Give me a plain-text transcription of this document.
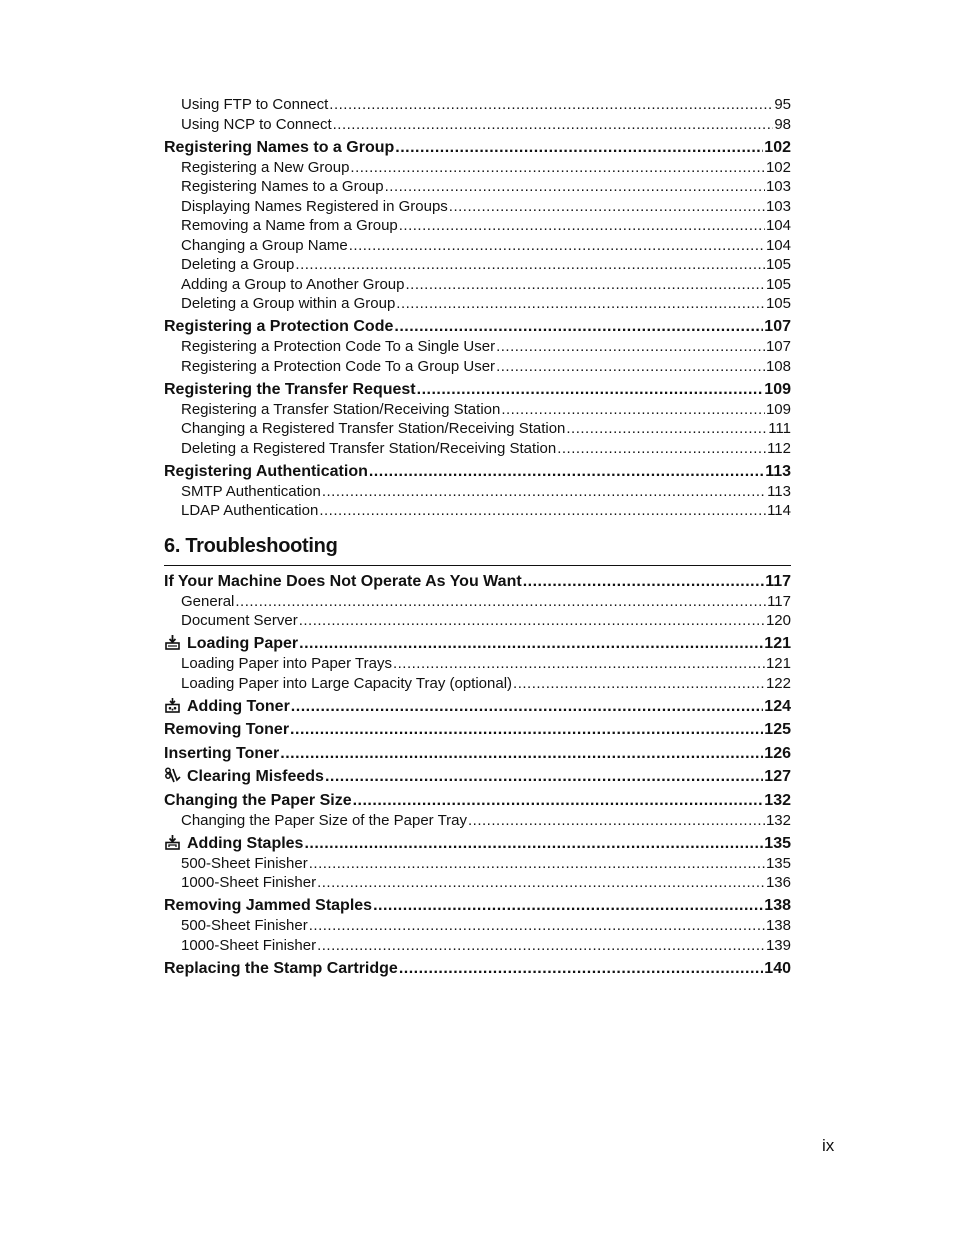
Using FTP to Connect .....	95
Using NCP to Connect .....	98
Registering Names to a Group .....	102
Registering a New Group .....	102
Registering Names to a Group .....	103
Displaying Names Registered in Groups .....	103
Removing a Name from a Group .....	104
Changing a Group Name .....	104
Deleting a Group .....	105
Adding a Group to Another Group .....	105
Deleting a Group within a Group .....	105
Registering a Protection Code .....	107
Registering a Protection Code To a Single User .....	107
Registering a Protection Code To a Group User .....	108
Registering the Transfer Request .....	109
Registering a Transfer Station/Receiving Station .....	109
Changing a Registered Transfer Station/Receiving Station .....	111
Deleting a Registered Transfer Station/Receiving Station .....	112
Registering Authentication .....	113
SMTP Authentication .....	113
LDAP Authentication .....	114
6. Troubleshooting
If Your Machine Does Not Operate As You Want .....	117
General .....	117
Document Server .....	120
Loading Paper .....	121
Loading Paper into Paper Trays .....	121
Loading Paper into Large Capacity Tray (optional) .....	122
Adding Toner .....	124
Removing Toner .....	125
Inserting Toner .....	126
Clearing Misfeeds .....	127
Changing the Paper Size .....	132
Changing the Paper Size of the Paper Tray .....	132
Adding Staples .....	135
500-Sheet Finisher .....	135
1000-Sheet Finisher .....	136
Removing Jammed Staples .....	138
500-Sheet Finisher .....	138
1000-Sheet Finisher .....	139
Replacing the Stamp Cartridge .....	140
ix
